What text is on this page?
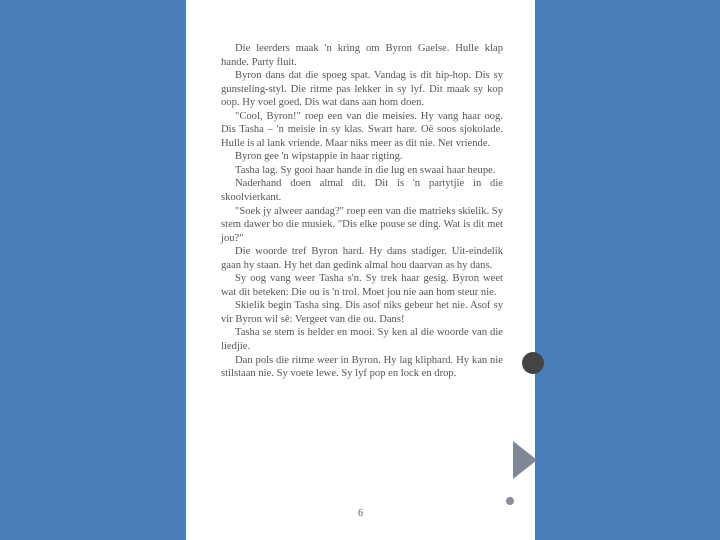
Die leerders maak 'n kring om Byron Gaelse. Hulle klap hande. Party fluit.

Byron dans dat die spoeg spat. Vandag is dit hip-hop. Dis sy gunsteling-styl. Die ritme pas lekker in sy lyf. Dit maak sy kop oop. Hy voel goed. Dis wat dans aan hom doen.

"Cool, Byron!" roep een van die meisies. Hy vang haar oog. Dis Tasha – 'n meisie in sy klas. Swart hare. Oë soos sjokolade. Hulle is al lank vriende. Maar niks meer as dit nie. Net vriende.

Byron gee 'n wipstappie in haar rigting.

Tasha lag. Sy gooi haar hande in die lug en swaai haar heupe.

Naderhand doen almal dit. Dit is 'n partytjie in die skoolvierkant.

"Soek jy alweer aandag?" roep een van die matrieks skielik. Sy stem dawer bo die musiek. "Dis elke pouse se ding. Wat is dit met jou?"

Die woorde tref Byron hard. Hy dans stadiger. Uit-eindelik gaan hy staan. Hy het dan gedink almal hou daarvan as hy dans.

Sy oog vang weer Tasha s'n. Sy trek haar gesig. Byron weet wat dit beteken: Die ou is 'n trol. Moet jou nie aan hom steur nie.

Skielik begin Tasha sing. Dis asof niks gebeur het nie. Asof sy vir Byron wil sê: Vergeet van die ou. Dans!

Tasha se stem is helder en mooi. Sy ken al die woorde van die liedjie.

Dan pols die ritme weer in Byron. Hy lag kliphard. Hy kan nie stilstaan nie. Sy voete lewe. Sy lyf pop en lock en drop.

6
